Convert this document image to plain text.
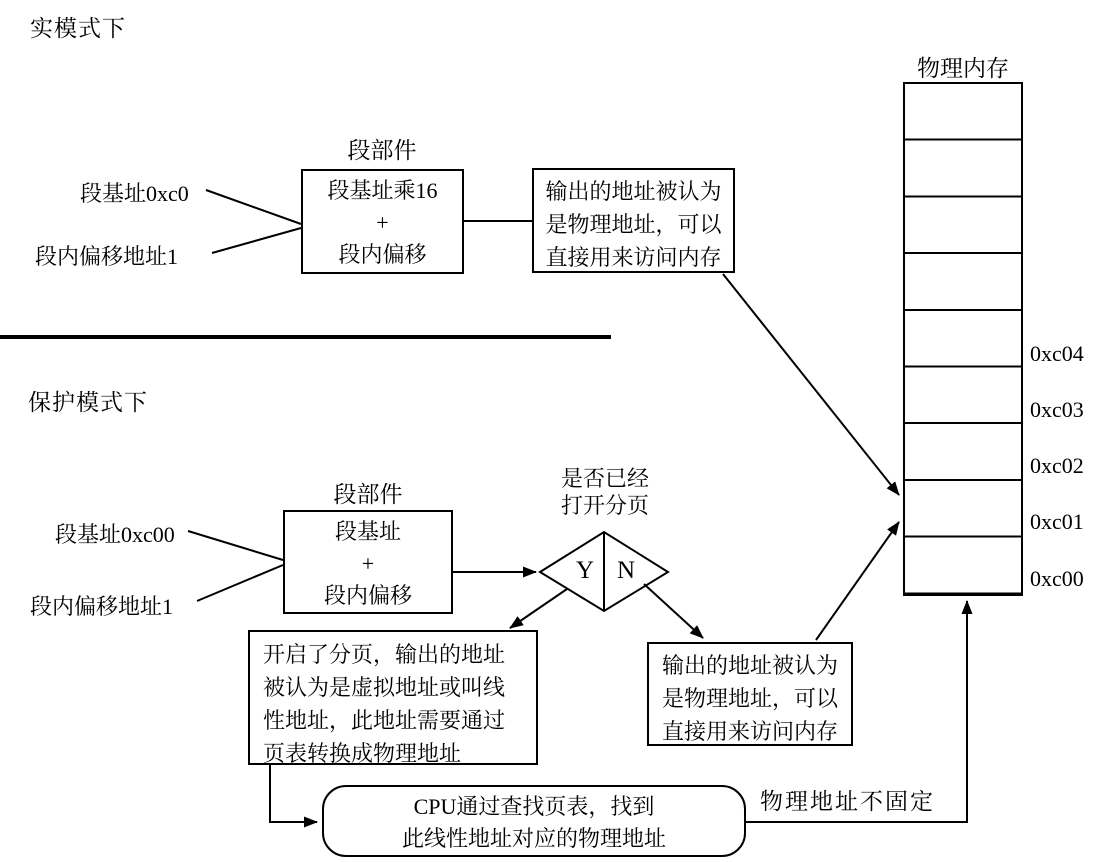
实模式下
段基址0xc0
段内偏移地址1
段部件
段基址乘16
+
段内偏移
输出的地址被认为
是物理地址，可以
直接用来访问内存
保护模式下
段基址0xc00
段内偏移地址1
段部件
段基址
+
段内偏移
是否已经
打开分页
Y N
开启了分页，输出的地址
被认为是虚拟地址或叫线
性地址，此地址需要通过
页表转换成物理地址
输出的地址被认为
是物理地址，可以
直接用来访问内存
CPU通过查找页表，找到
此线性地址对应的物理地址
物理地址不固定
物理内存
0xc04
0xc03
0xc02
0xc01
0xc00
